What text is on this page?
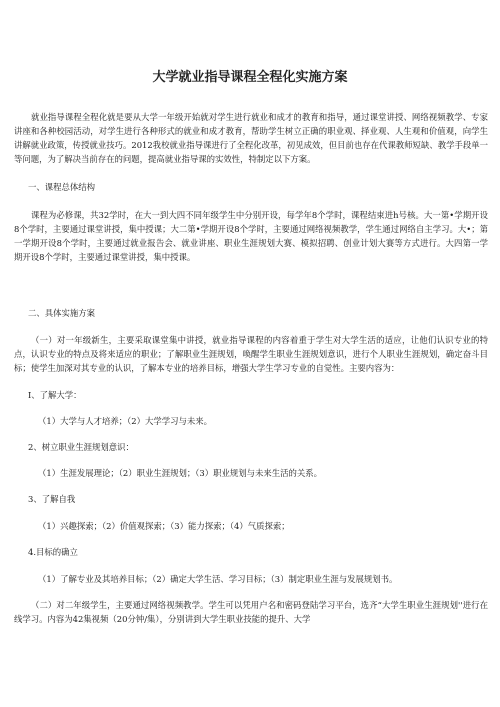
大学就业指导课程全程化实施方案
就业指导课程全程化就是要从大学一年级开始就对学生进行就业和成才的教育和指导，通过课堂讲授、网络视频教学、专家讲座和各种校园活动，对学生进行各种形式的就业和成才教育，帮助学生树立正确的职业观、择业观、人生观和价值观，向学生讲解就业政策，传授就业技巧。2012我校就业指导课进行了全程化改革，初见成效，但目前也存在代课教师短缺、教学手段单一等问题，为了解决当前存在的问题，提高就业指导课的实效性，特制定以下方案。
一、课程总体结构
课程为必修课，共32学时，在大一到大四不同年级学生中分别开设，每学年8个学时，课程结束进h号核。大一第•学期开设8个学时，主要通过课堂讲授，集中授课；大二第•学期开设8个学时，主要通过网络视频教学，学生通过网络自主学习。大•；第一学期开设8个学时，主要通过就业报告会、就业讲座、职业生涯规划大赛、模拟招聘、创业计划大赛等方式进行。大四第一学期开设8个学时，主要通过课堂讲授，集中授课。
二、具体实施方案
（一）对一年级新生，主要采取课堂集中讲授，就业指导课程的内容着重于学生对大学生活的适应，让他们认识专业的特点，认识专业的特点及将来适应的职业；了解职业生涯规划，唤醒学生职业生涯规划意识，进行个人职业生涯规划，确定奋斗目标；使学生加深对其专业的认识，了解本专业的培养目标，增强大学生学习专业的自觉性。主要内容为：
I、了解大学：
（1）大学与人才培养；（2）大学学习与未来。
2、树立职业生涯规划意识：
（1）生涯发展理论；（2）职业生涯规划；（3）职业规划与未来生活的关系。
3、了解自我
（1）兴趣探索；（2）价值观探索；（3）能力探索；（4）气质探索；
4.目标的确立
（1）了解专业及其培养目标；（2）确定大学生活、学习目标；（3）制定职业生涯与发展规划书。
（二）对二年级学生，主要通过网络视频教学。学生可以凭用户名和密码登陆学习平台，选齐“大学生职业生涯规划''进行在线学习。内容为42集视频（20分钟/集），分别讲到大学生职业技能的提升、大学
